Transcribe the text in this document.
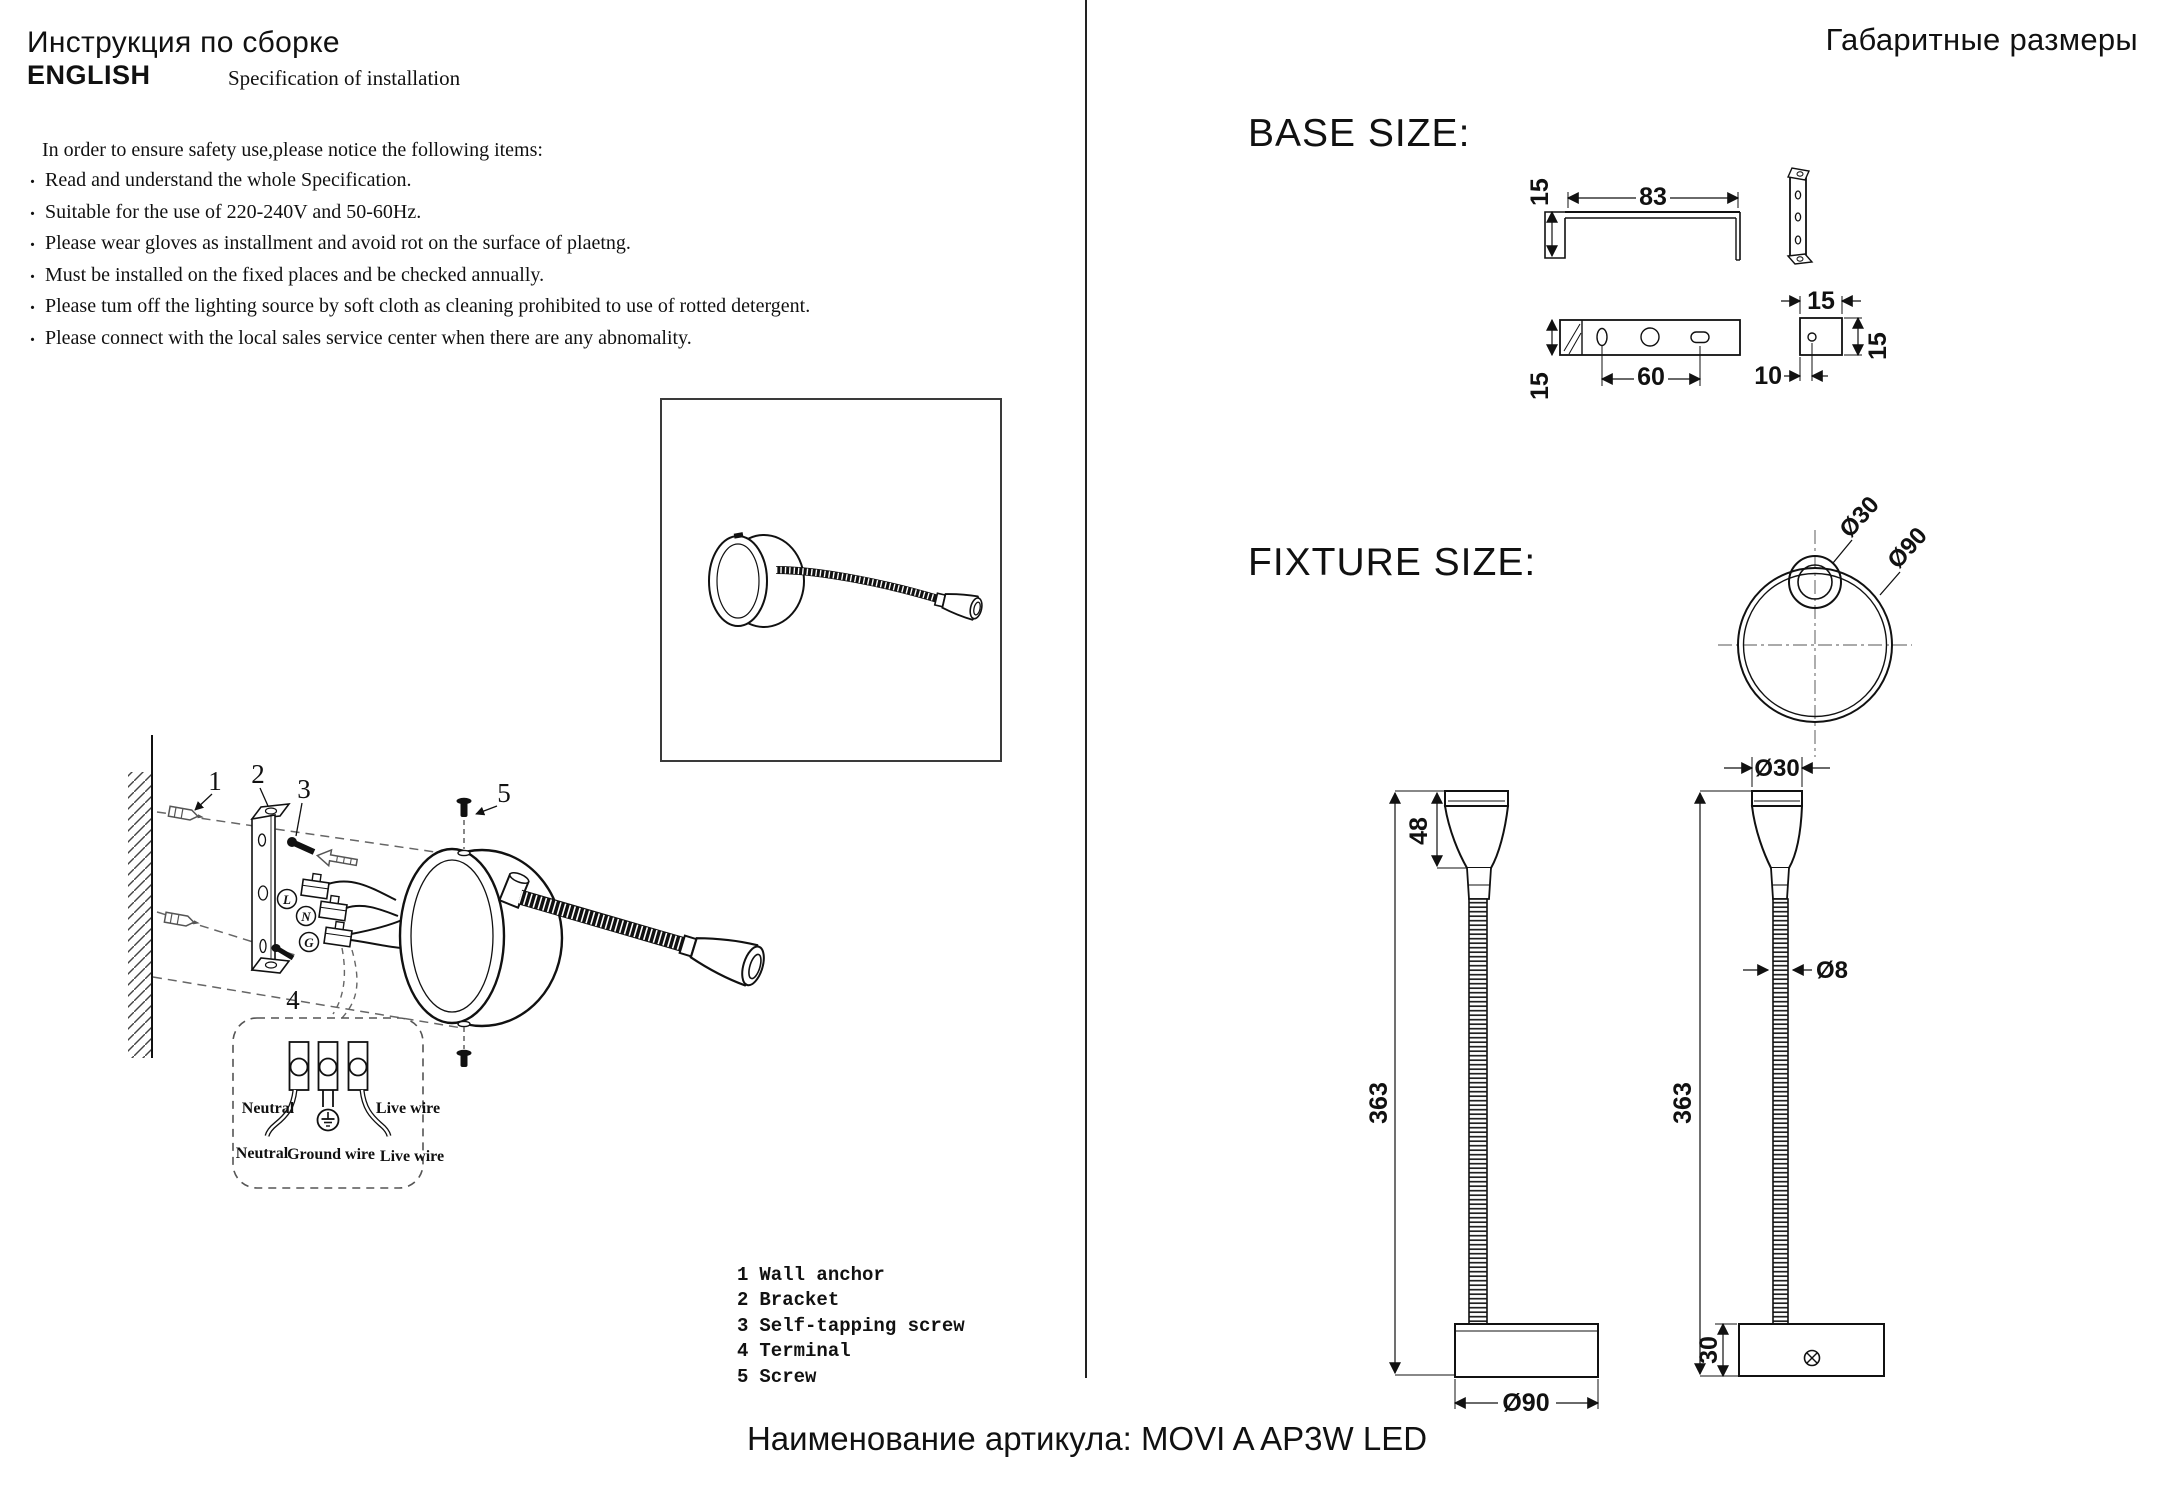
Инструкция по сборке
ENGLISH	Specification of installation
In order to ensure safety use,please notice the following items:
. Read and understand the whole Specification.
. Suitable for the use of 220-240V and 50-60Hz.
. Please wear gloves as installment and avoid rot on the surface of plaetng.
. Must be installed on the fixed places and be checked annually.
. Please tum off the lighting source by soft cloth as cleaning prohibited to use of rotted detergent.
. Please connect with the local sales service center when there are any abnomality.
1 2 3	5
4
L
N
G
Neutral	Live wire
Neutral
Ground wire Live wire
1 Wall anchor
2 Bracket
3 Self-tapping screw
4 Terminal
5 Screw
Габаритные размеры
BASE SIZE:
83
15
60
15
15
15
10
FIXTURE SIZE:
Ø30
Ø90
363
48
Ø90
363
Ø30
Ø8
30
Наименование артикула: MOVI A AP3W LED
